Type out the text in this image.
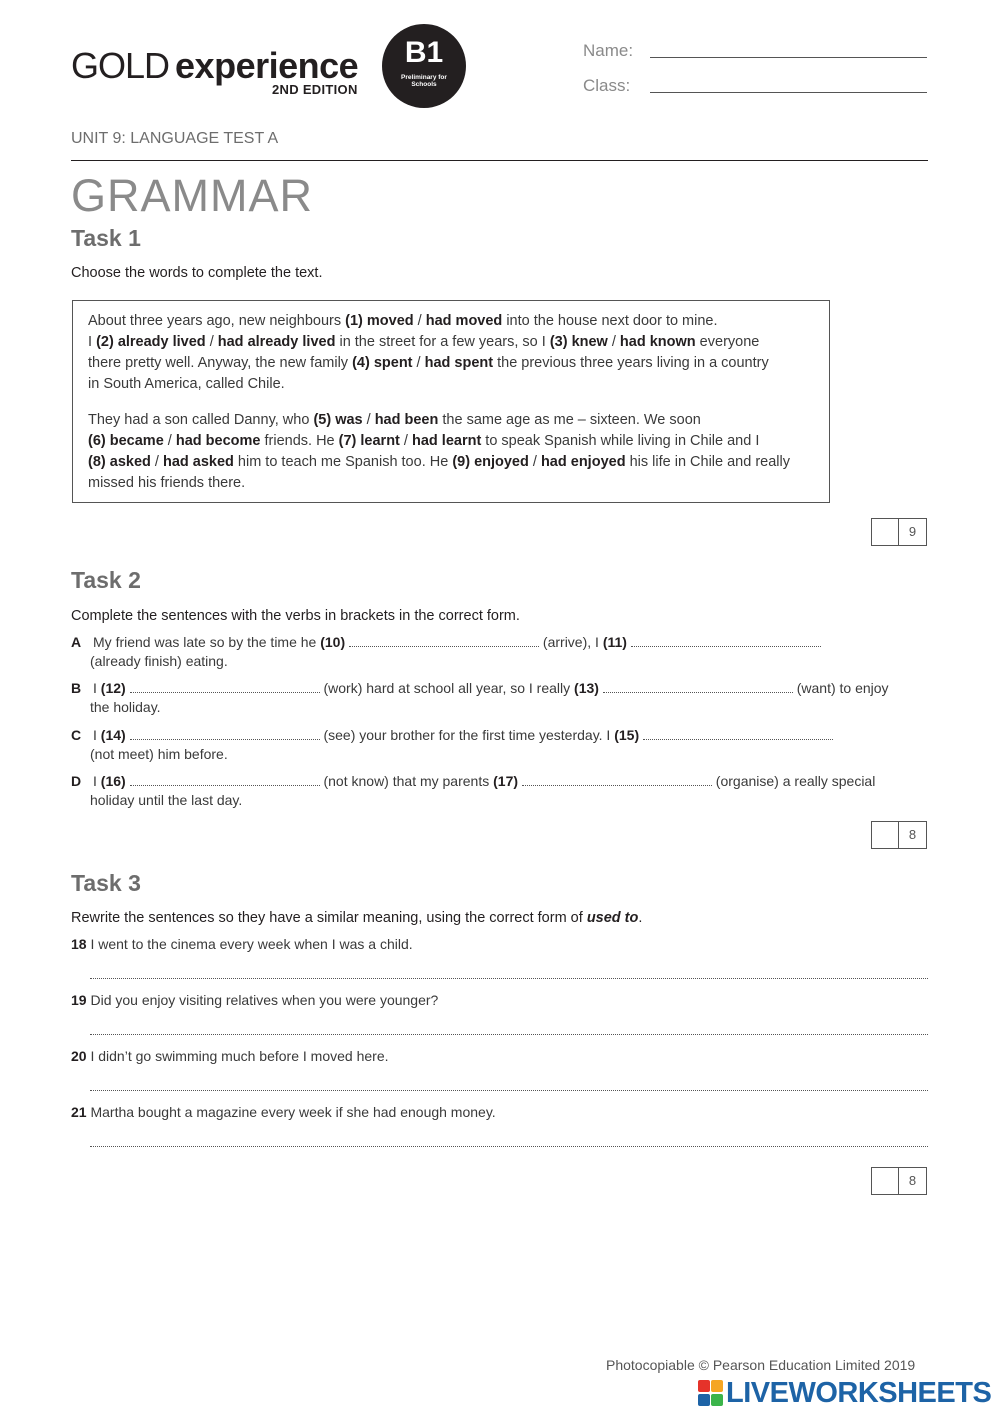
GOLD experience
2ND EDITION
B1
Preliminary for Schools
Name:
Class:
UNIT 9: LANGUAGE TEST A
GRAMMAR
Task 1
Choose the words to complete the text.
About three years ago, new neighbours (1) moved / had moved into the house next door to mine.
I (2) already lived / had already lived in the street for a few years, so I (3) knew / had known everyone
there pretty well. Anyway, the new family (4) spent / had spent the previous three years living in a country
in South America, called Chile.
They had a son called Danny, who (5) was / had been the same age as me – sixteen. We soon
(6) became / had become friends. He (7) learnt / had learnt to speak Spanish while living in Chile and I
(8) asked / had asked him to teach me Spanish too. He (9) enjoyed / had enjoyed his life in Chile and really
missed his friends there.
9
Task 2
Complete the sentences with the verbs in brackets in the correct form.
A My friend was late so by the time he (10)	(arrive), I (11)
(already finish) eating.
B I (12)	(work) hard at school all year, so I really (13)	(want) to enjoy
the holiday.
C I (14)	(see) your brother for the first time yesterday. I (15)
(not meet) him before.
D I (16)	(not know) that my parents (17)	(organise) a really special
holiday until the last day.
8
Task 3
Rewrite the sentences so they have a similar meaning, using the correct form of used to.
18 I went to the cinema every week when I was a child.
19 Did you enjoy visiting relatives when you were younger?
20 I didn’t go swimming much before I moved here.
21 Martha bought a magazine every week if she had enough money.
8
Photocopiable © Pearson Education Limited 2019
LIVEWORKSHEETS
